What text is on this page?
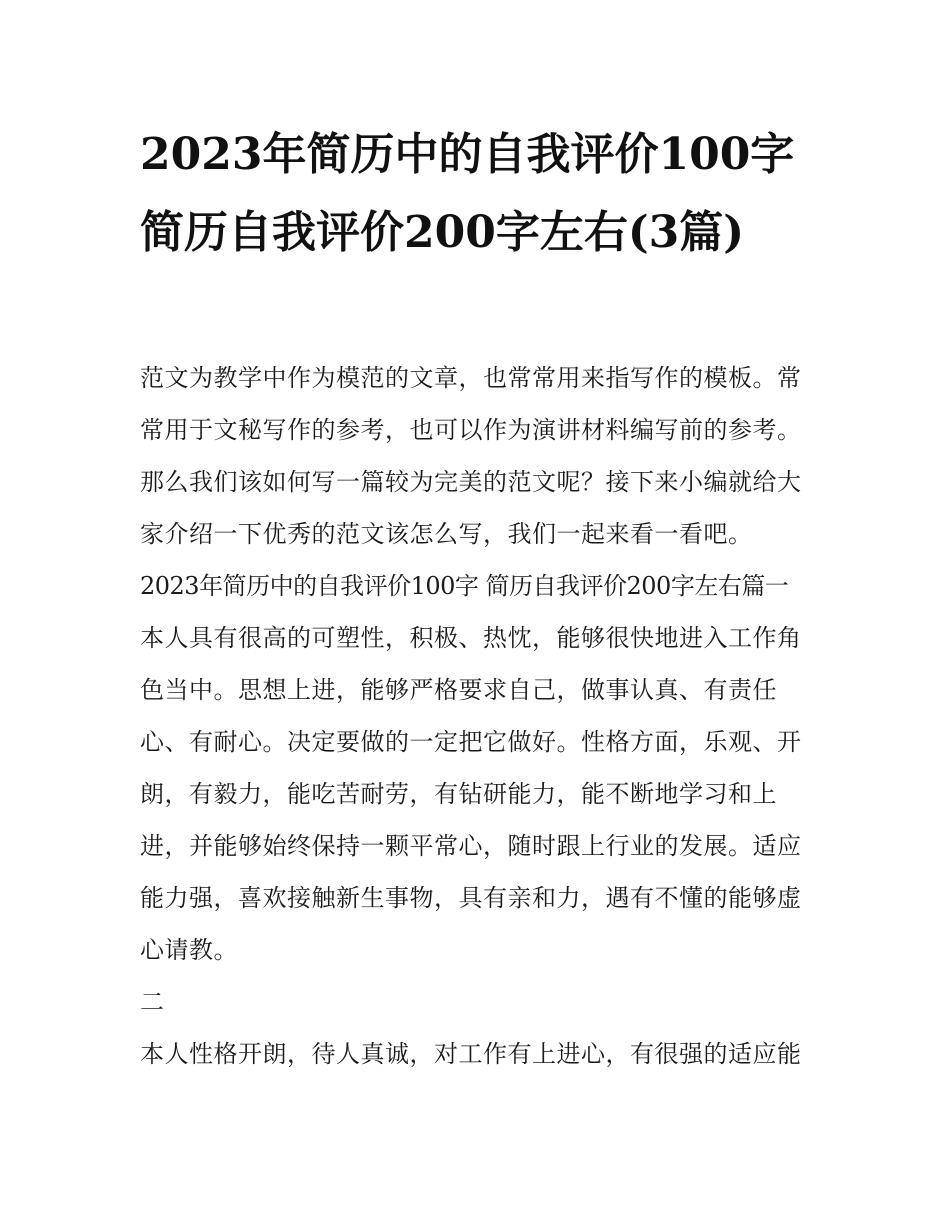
2023年简历中的自我评价100字 简历自我评价200字左右(3篇)

范文为教学中作为模范的文章，也常常用来指写作的模板。常常用于文秘写作的参考，也可以作为演讲材料编写前的参考。那么我们该如何写一篇较为完美的范文呢？接下来小编就给大家介绍一下优秀的范文该怎么写，我们一起来看一看吧。

2023年简历中的自我评价100字 简历自我评价200字左右篇一

本人具有很高的可塑性，积极、热忱，能够很快地进入工作角色当中。思想上进，能够严格要求自己，做事认真、有责任心、有耐心。决定要做的一定把它做好。性格方面，乐观、开朗，有毅力，能吃苦耐劳，有钻研能力，能不断地学习和上进，并能够始终保持一颗平常心，随时跟上行业的发展。适应能力强，喜欢接触新生事物，具有亲和力，遇有不懂的能够虚心请教。

二

本人性格开朗，待人真诚，对工作有上进心，有很强的适应能
